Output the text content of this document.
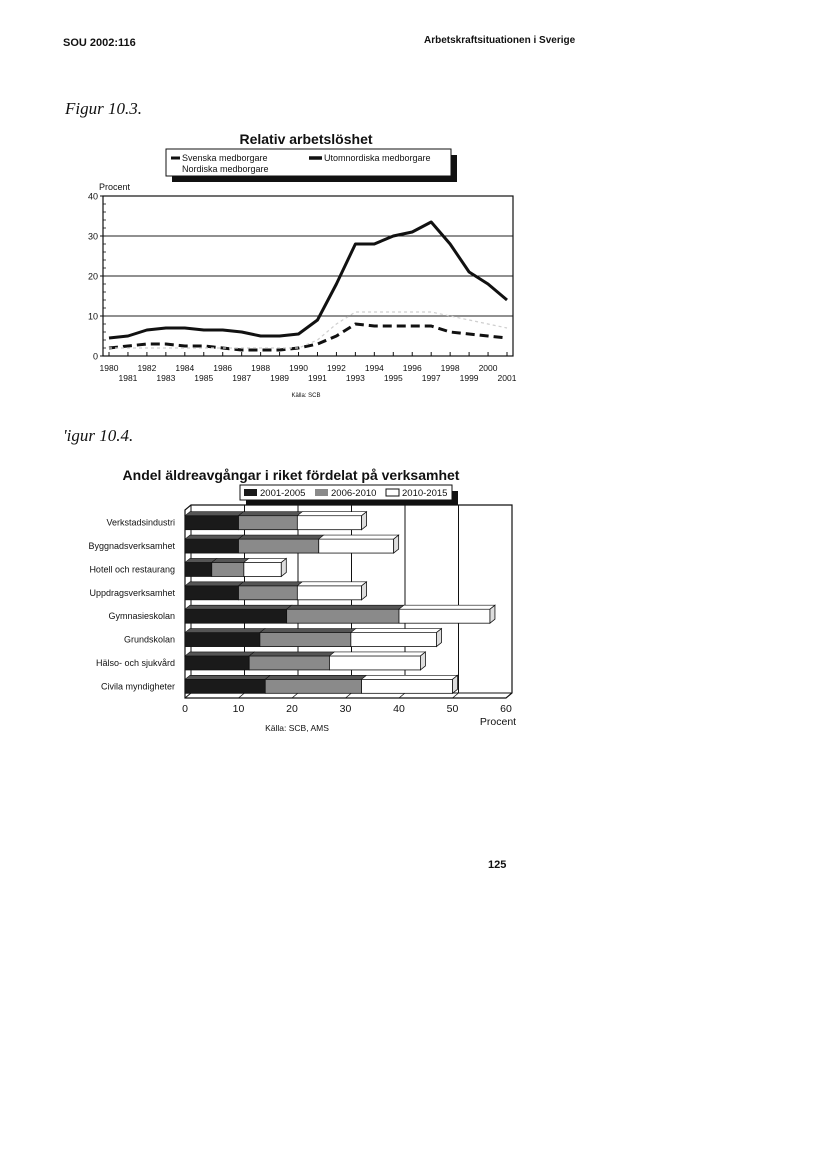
SOU 2002:116	Arbetskraftsituationen i Sverige
Figur 10.3.
'igur 10.4.
Relativ arbetslöshet
Svenska medborgare	Utomnordiska medborgare
Nordiska medborgare
Procent
0
10
20
30
40
1980 1982 1984 1986 1988 1990 1992 1994 1996 1998 2000
1981 1983 1985 1987 1989 1991 1993 1995 1997 1999 2001
Källa: SCB
Andel äldreavgångar i riket fördelat på verksamhet
2001-2005	2006-2010	2010-2015
Verkstadsindustri
Byggnadsverksamhet
Hotell och restaurang
Uppdragsverksamhet
Gymnasieskolan
Grundskolan
Hälso- och sjukvård
Civila myndigheter
0	10	20	30	40	50	60
Procent
Källa: SCB, AMS
125
